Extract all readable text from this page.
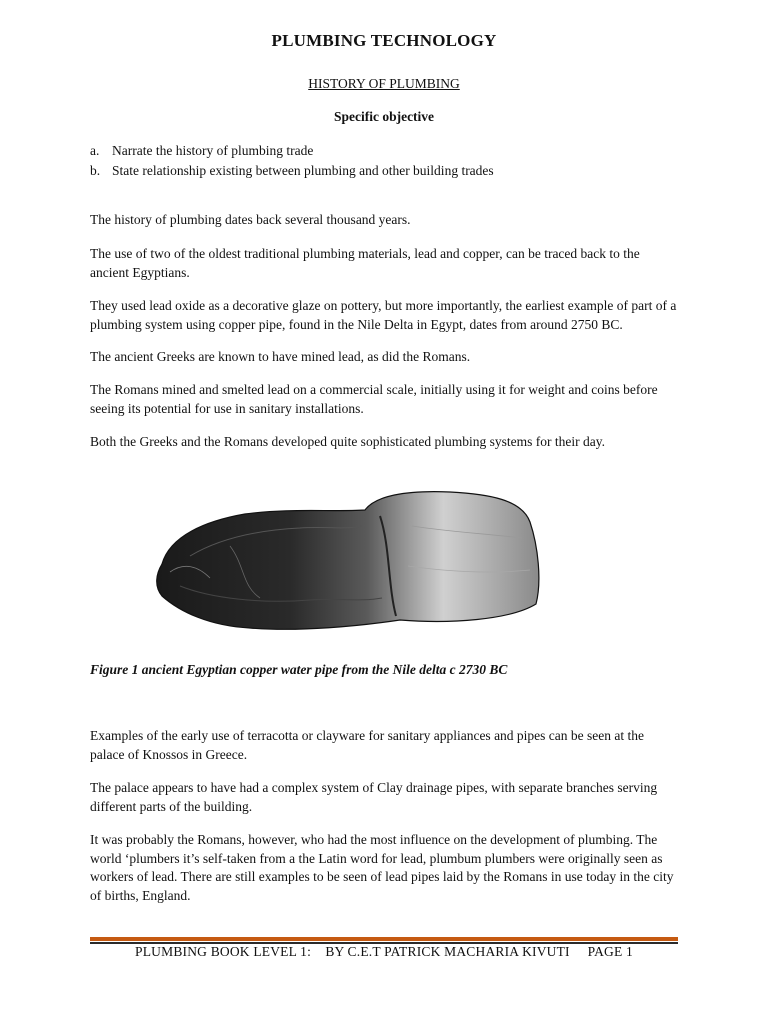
PLUMBING TECHNOLOGY
HISTORY OF PLUMBING
Specific objective
a. Narrate the history of plumbing trade
b. State relationship existing between plumbing and other building trades

The history of plumbing dates back several thousand years.

The use of two of the oldest traditional plumbing materials, lead and copper, can be traced back to the ancient Egyptians.

They used lead oxide as a decorative glaze on pottery, but more importantly, the earliest example of part of a plumbing system using copper pipe, found in the Nile Delta in Egypt, dates from around 2750 BC.

The ancient Greeks are known to have mined lead, as did the Romans.

The Romans mined and smelted lead on a commercial scale, initially using it for weight and coins before seeing its potential for use in sanitary installations.

Both the Greeks and the Romans developed quite sophisticated plumbing systems for their day.

Figure 1 ancient Egyptian copper water pipe from the Nile delta c 2730 BC

Examples of the early use of terracotta or clayware for sanitary appliances and pipes can be seen at the palace of Knossos in Greece.

The palace appears to have had a complex system of Clay drainage pipes, with separate branches serving different parts of the building.

It was probably the Romans, however, who had the most influence on the development of plumbing. The world ‘plumbers it’s self-taken from a the Latin word for lead, plumbum plumbers were originally seen as workers of lead. There are still examples to be seen of lead pipes laid by the Romans in use today in the city of births, England.

PLUMBING BOOK LEVEL 1:    BY C.E.T PATRICK MACHARIA KIVUTI     PAGE 1
